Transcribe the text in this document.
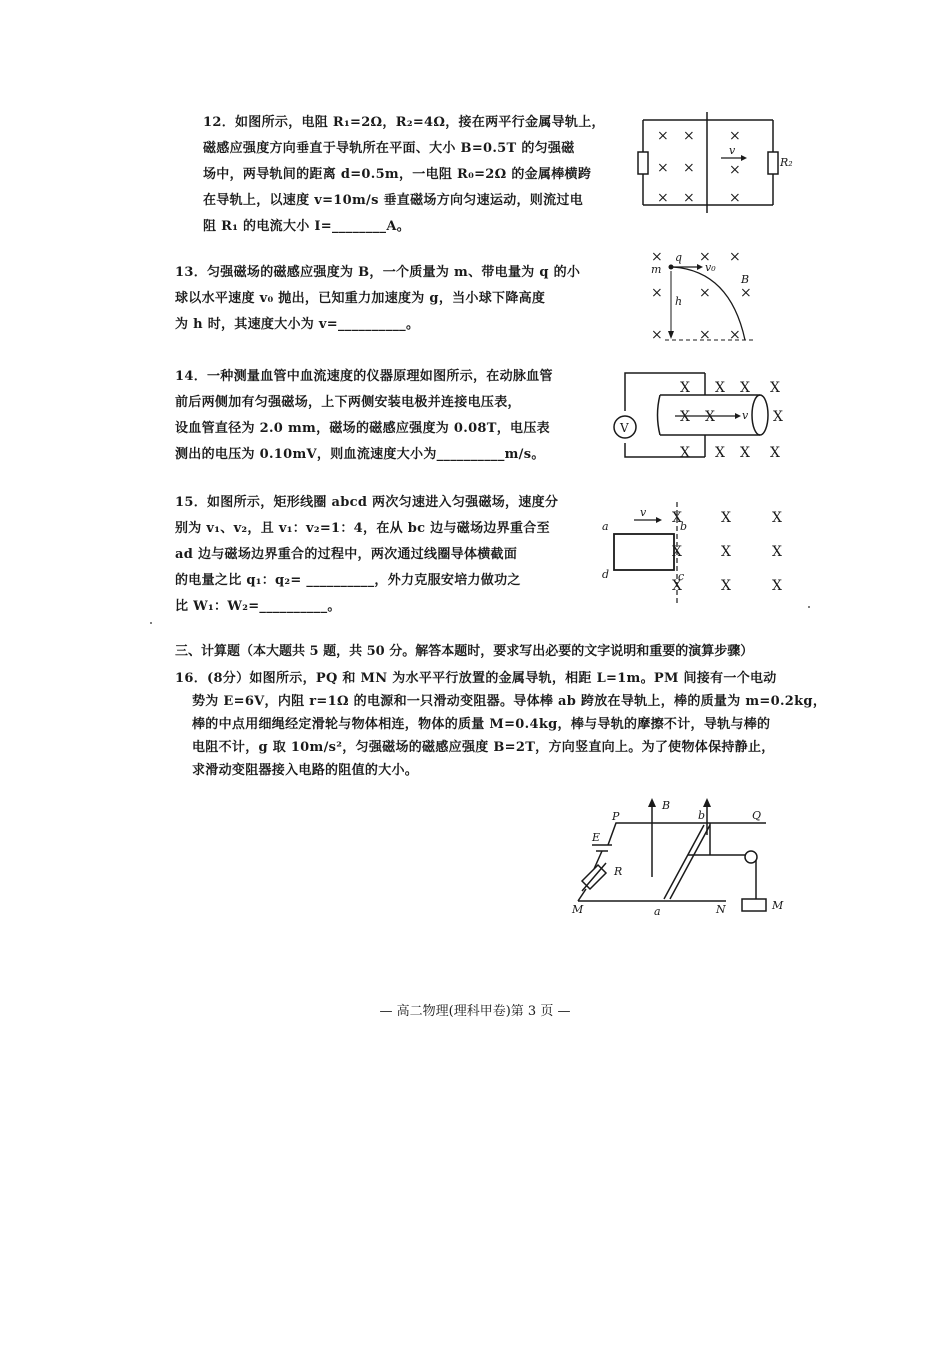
12．如图所示，电阻 R₁=2Ω，R₂=4Ω，接在两平行金属导轨上，
磁感应强度方向垂直于导轨所在平面、大小 B=0.5T 的匀强磁
场中，两导轨间的距离 d=0.5m，一电阻 R₀=2Ω 的金属棒横跨
在导轨上，以速度 v=10m/s 垂直磁场方向匀速运动，则流过电
阻 R₁ 的电流大小 I=________A。
× × ×
× × ×
× × ×
v
R₂
13．匀强磁场的磁感应强度为 B，一个质量为 m、带电量为 q 的小
球以水平速度 v₀ 抛出，已知重力加速度为 g，当小球下降高度
为 h 时，其速度大小为 v=__________。
×	× ×
×	× ×
×	× ×
m
q
v₀
B
h
14．一种测量血管中血流速度的仪器原理如图所示，在动脉血管
前后两侧加有匀强磁场，上下两侧安装电极并连接电压表，
设血管直径为 2.0 mm，磁场的磁感应强度为 0.08T，电压表
测出的电压为 0.10mV，则血流速度大小为__________m/s。
V
v
X X X X
X X	X
X X X X
15．如图所示，矩形线圈 abcd 两次匀速进入匀强磁场，速度分
别为 v₁、v₂，且 v₁：v₂=1：4，在从 bc 边与磁场边界重合至
ad 边与磁场边界重合的过程中，两次通过线圈导体横截面
的电量之比 q₁：q₂= __________，外力克服安培力做功之
比 W₁：W₂=__________。
v
a	b
c
d
X	X	X
X	X	X
X	X	X
三、计算题（本大题共 5 题，共 50 分。解答本题时，要求写出必要的文字说明和重要的演算步骤）
16．(8分）如图所示，PQ 和 MN 为水平平行放置的金属导轨，相距 L=1m。PM 间接有一个电动
势为 E=6V，内阻 r=1Ω 的电源和一只滑动变阻器。导体棒 ab 跨放在导轨上，棒的质量为 m=0.2kg，
棒的中点用细绳经定滑轮与物体相连，物体的质量 M=0.4kg，棒与导轨的摩擦不计，导轨与棒的
电阻不计，g 取 10m/s²，匀强磁场的磁感应强度 B=2T，方向竖直向上。为了使物体保持静止，
求滑动变阻器接入电路的阻值的大小。
P
B
b	Q
E
R
M	a	N	M
— 高二物理(理科甲卷)第 3 页 —
